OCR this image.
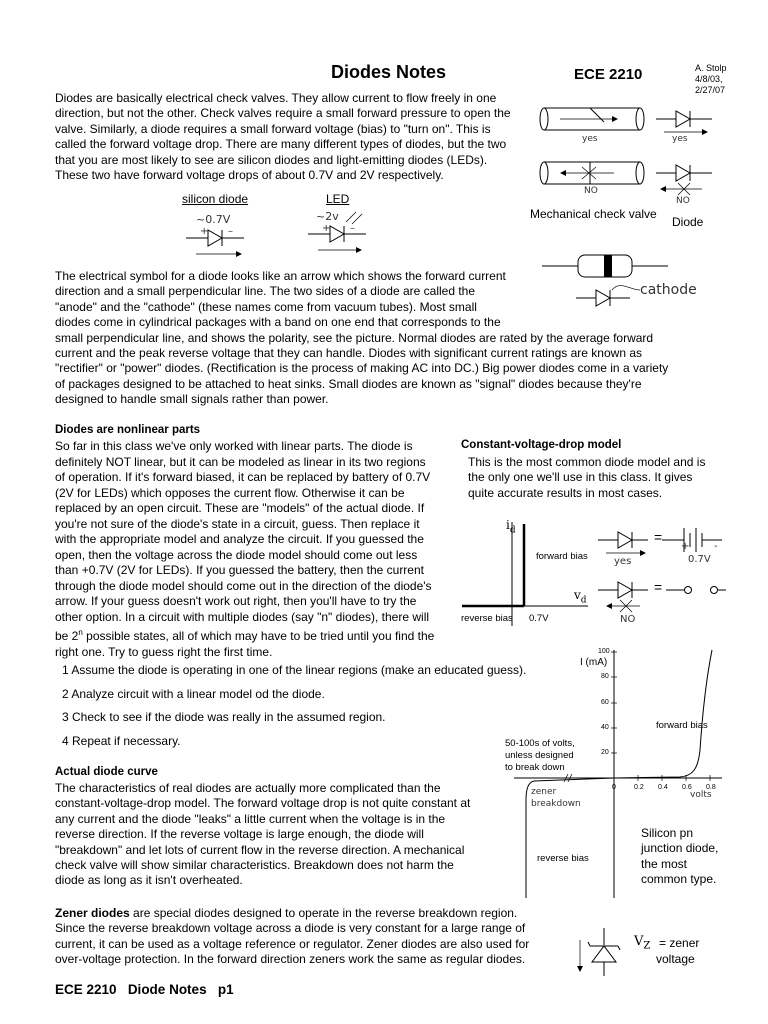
Diodes Notes	ECE 2210	A. Stolp
4/8/03,
2/27/07
Diodes are basically electrical check valves. They allow current to flow freely in one
direction, but not the other. Check valves require a small forward pressure to open the
valve. Similarly, a diode requires a small forward voltage (bias) to "turn on". This is
called the forward voltage drop. There are many different types of diodes, but the two
that you are most likely to see are silicon diodes and light-emitting diodes (LEDs).
These two have forward voltage drops of about 0.7V and 2V respectively.
silicon diode	LED
~0.7V	~2v
+ –	+ –
yes	yes
NO
NO
Mechanical check valve
Diode
cathode
The electrical symbol for a diode looks like an arrow which shows the forward current
direction and a small perpendicular line. The two sides of a diode are called the
"anode" and the "cathode" (these names come from vacuum tubes). Most small
diodes come in cylindrical packages with a band on one end that corresponds to the
small perpendicular line, and shows the polarity, see the picture. Normal diodes are rated by the average forward
current and the peak reverse voltage that they can handle. Diodes with significant current ratings are known as
"rectifier" or "power" diodes. (Rectification is the process of making AC into DC.) Big power diodes come in a variety
of packages designed to be attached to heat sinks. Small diodes are known as "signal" diodes because they're
designed to handle small signals rather than power.
Diodes are nonlinear parts
So far in this class we've only worked with linear parts. The diode is
definitely NOT linear, but it can be modeled as linear in its two regions
of operation. If it's forward biased, it can be replaced by battery of 0.7V
(2V for LEDs) which opposes the current flow. Otherwise it can be
replaced by an open circuit. These are "models" of the actual diode. If
you're not sure of the diode's state in a circuit, guess. Then replace it
with the appropriate model and analyze the circuit. If you guessed the
open, then the voltage across the diode model should come out less
than +0.7V (2V for LEDs). If you guessed the battery, then the current
through the diode model should come out in the direction of the diode's
arrow. If your guess doesn't work out right, then you'll have to try the
other option. In a circuit with multiple diodes (say "n" diodes), there will
be 2$^n$ possible states, all of which may have to be tried until you find the
right one. Try to guess right the first time.
Constant-voltage-drop model
This is the most common diode model and is
the only one we'll use in this class. It gives
quite accurate results in most cases.
$i_d$
forward bias
$v_d$
reverse bias 0.7V
=
=
yes
NO
+ -
0.7V
1 Assume the diode is operating in one of the linear regions (make an educated guess).
2 Analyze circuit with a linear model od the diode.
3 Check to see if the diode was really in the assumed region.
4 Repeat if necessary.
Actual diode curve
The characteristics of real diodes are actually more complicated than the
constant-voltage-drop model. The forward voltage drop is not quite constant at
any current and the diode "leaks" a little current when the voltage is in the
reverse direction. If the reverse voltage is large enough, the diode will
"breakdown" and let lots of current flow in the reverse direction. A mechanical
check valve will show similar characteristics. Breakdown does not harm the
diode as long as it isn't overheated.
I (mA)
100
80
60
40
20
0	0.2 0.4 0.6 0.8
volts
forward bias
reverse bias
50-100s of volts,
unless designed
to break down
zener
breakdown
Silicon pn
junction diode,
the most
common type.
Zener diodes are special diodes designed to operate in the reverse breakdown region.
Since the reverse breakdown voltage across a diode is very constant for a large range of
current, it can be used as a voltage reference or regulator. Zener diodes are also used for
over-voltage protection. In the forward direction zeners work the same as regular diodes.
$V_Z$ = zener
voltage
ECE 2210 Diode Notes p1
